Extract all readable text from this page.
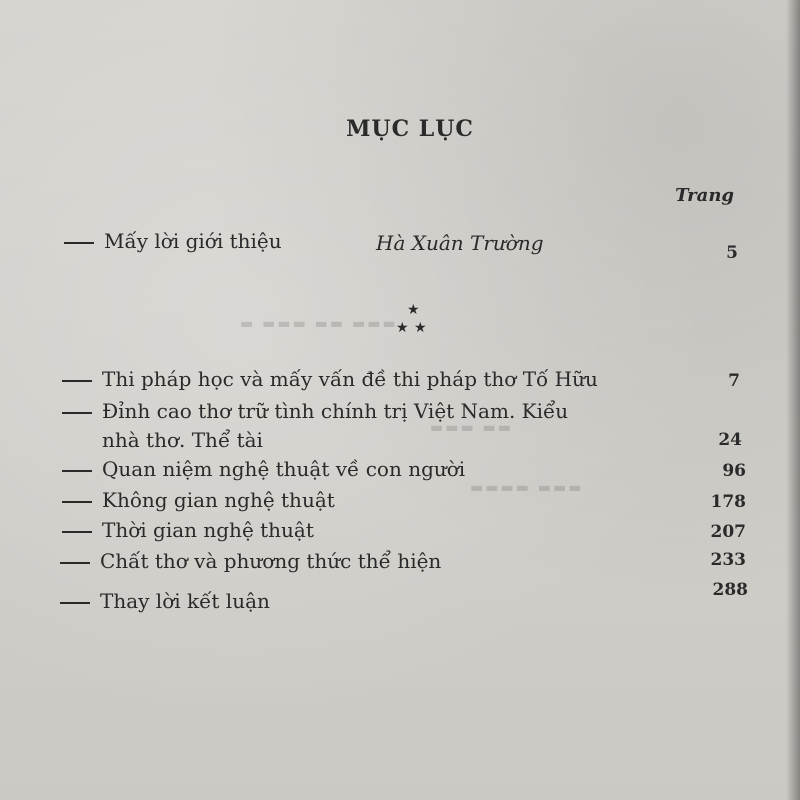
▬ ▬▬▬ ▬▬ ▬▬▬
▬▬▬ ▬▬
▬▬▬▬ ▬▬▬
MỤC LỤC
Trang
Mấy lời giới thiệu	Hà Xuân Trường	5
★
★ ★
Thi pháp học và mấy vấn đề thi pháp thơ Tố Hữu	7
Đỉnh cao thơ trữ tình chính trị Việt Nam. Kiểu
nhà thơ. Thể tài	24
Quan niệm nghệ thuật về con người	96
Không gian nghệ thuật	178
Thời gian nghệ thuật	207
Chất thơ và phương thức thể hiện	233
Thay lời kết luận	288
